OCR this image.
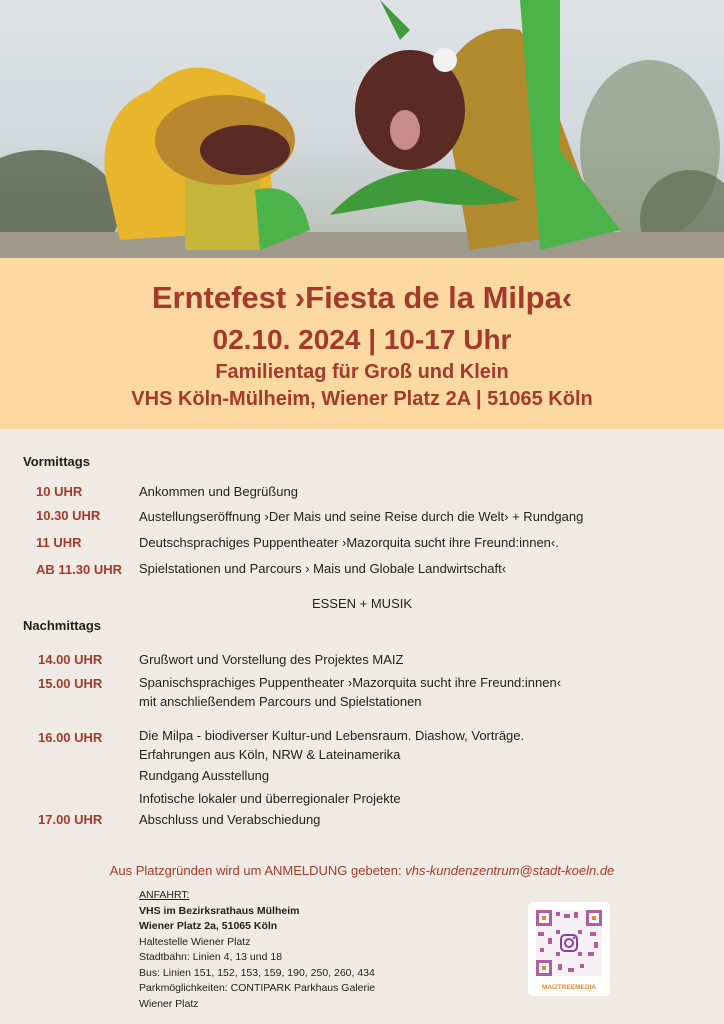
Erntefest ›Fiesta de la Milpa‹
02.10. 2024 | 10-17 Uhr
Familientag für Groß und Klein
VHS Köln-Mülheim, Wiener Platz 2A | 51065 Köln
Vormittags
10 UHR	Ankommen und Begrüßung
10.30 UHR	Austellungseröffnung ›Der Mais und seine Reise durch die Welt› + Rundgang
11 UHR	Deutschsprachiges Puppentheater ›Mazorquita sucht ihre Freund:innen‹.
AB 11.30 UHR Spielstationen und Parcours › Mais und Globale Landwirtschaft‹
ESSEN + MUSIK
Nachmittags
14.00 UHR	Grußwort und Vorstellung des Projektes MAIZ
15.00 UHR	Spanischsprachiges Puppentheater ›Mazorquita sucht ihre Freund:innen‹
mit anschließendem Parcours und Spielstationen
16.00 UHR	Die Milpa - biodiverser Kultur-und Lebensraum. Diashow, Vorträge.
Erfahrungen aus Köln, NRW & Lateinamerika
Rundgang Ausstellung
Infotische lokaler und überregionaler Projekte
17.00 UHR	Abschluss und Verabschiedung
Aus Platzgründen wird um ANMELDUNG gebeten: vhs-kundenzentrum@stadt-koeln.de
ANFAHRT:
VHS im Bezirksrathaus Mülheim
Wiener Platz 2a, 51065 Köln
Haltestelle Wiener Platz
Stadtbahn: Linien 4, 13 und 18
Bus: Linien 151, 152, 153, 159, 190, 250, 260, 434
Parkmöglichkeiten: CONTIPARK Parkhaus Galerie
Wiener Platz
MAIZTREEMEDIA
